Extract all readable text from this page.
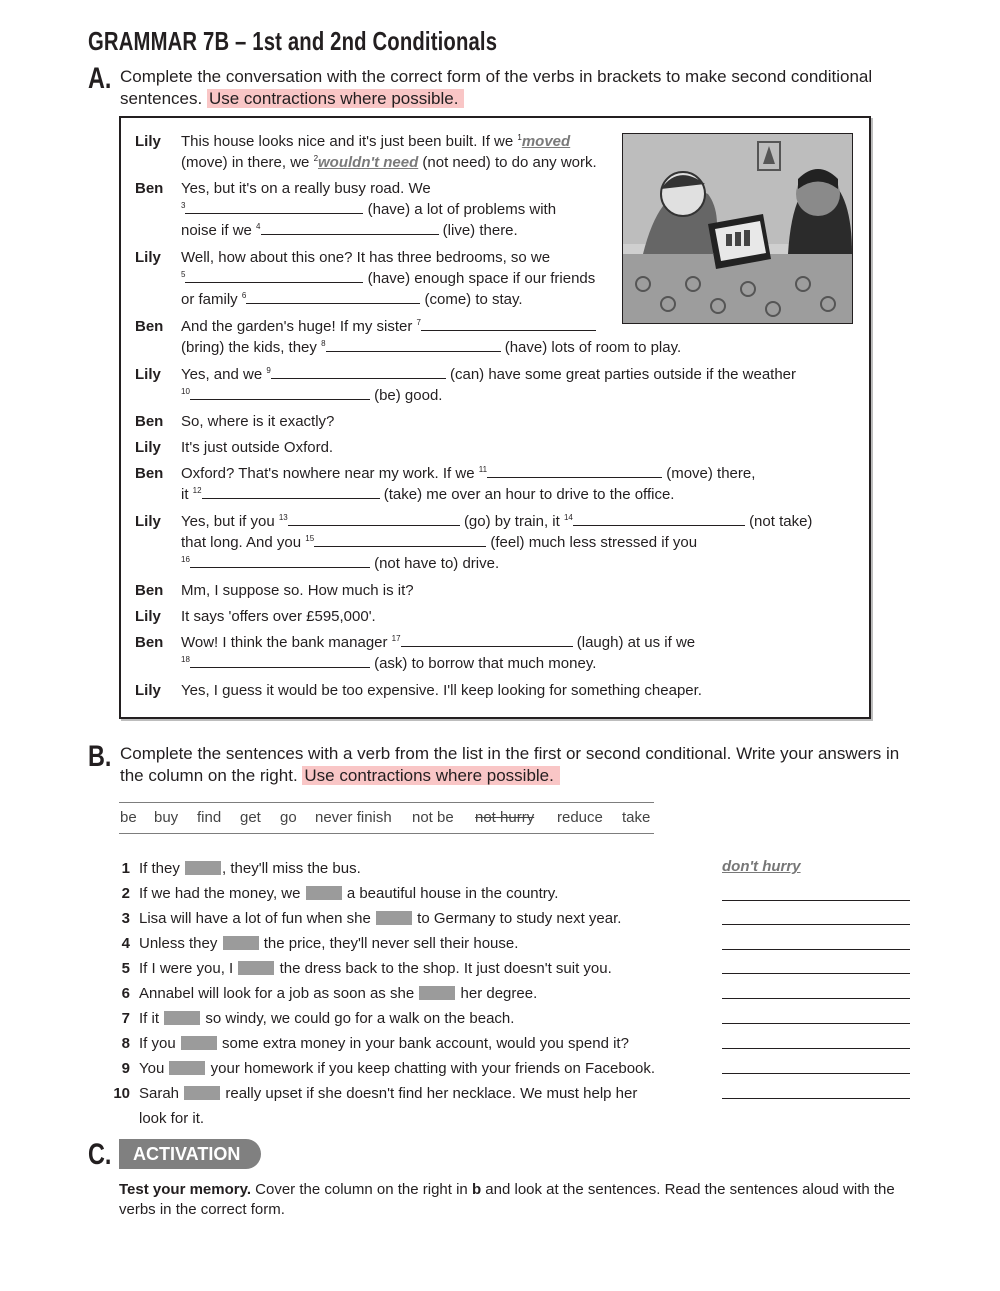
GRAMMAR 7B – 1st and 2nd Conditionals
A. Complete the conversation with the correct form of the verbs in brackets to make second conditional sentences. Use contractions where possible.
Lily	This house looks nice and it's just been built. If we $^1$moved
(move) in there, we $^2$wouldn't need (not need) to do any work.
Ben	Yes, but it's on a really busy road. We
$^3$	(have) a lot of problems with
noise if we $^4$	(live) there.
Lily	Well, how about this one? It has three bedrooms, so we
$^5$	(have) enough space if our friends
or family $^6$	(come) to stay.
Ben	And the garden's huge! If my sister $^7$
(bring) the kids, they $^8$	(have) lots of room to play.
Lily	Yes, and we $^9$	(can) have some great parties outside if the weather
$^{10}$	(be) good.
Ben	So, where is it exactly?
Lily	It's just outside Oxford.
Ben	Oxford? That's nowhere near my work. If we $^{11}$	(move) there,
it $^{12}$	(take) me over an hour to drive to the office.
Lily	Yes, but if you $^{13}$	(go) by train, it $^{14}$	(not take)
that long. And you $^{15}$	(feel) much less stressed if you
$^{16}$	(not have to) drive.
Ben	Mm, I suppose so. How much is it?
Lily	It says 'offers over £595,000'.
Ben	Wow! I think the bank manager $^{17}$	(laugh) at us if we
$^{18}$	(ask) to borrow that much money.
Lily	Yes, I guess it would be too expensive. I'll keep looking for something cheaper.
B. Complete the sentences with a verb from the list in the first or second conditional. Write your answers in the column on the right. Use contractions where possible.
be buy find get go never finish not be not hurry reduce take
1 If they	, they'll miss the bus.	don't hurry
2 If we had the money, we	a beautiful house in the country.
3 Lisa will have a lot of fun when she	to Germany to study next year.
4 Unless they	the price, they'll never sell their house.
5 If I were you, I	the dress back to the shop. It just doesn't suit you.
6 Annabel will look for a job as soon as she	her degree.
7 If it	so windy, we could go for a walk on the beach.
8 If you	some extra money in your bank account, would you spend it?
9 You	your homework if you keep chatting with your friends on Facebook.
10 Sarah	really upset if she doesn't find her necklace. We must help her
look for it.
C.	ACTIVATION
Test your memory. Cover the column on the right in b and look at the sentences. Read the sentences aloud with the verbs in the correct form.
